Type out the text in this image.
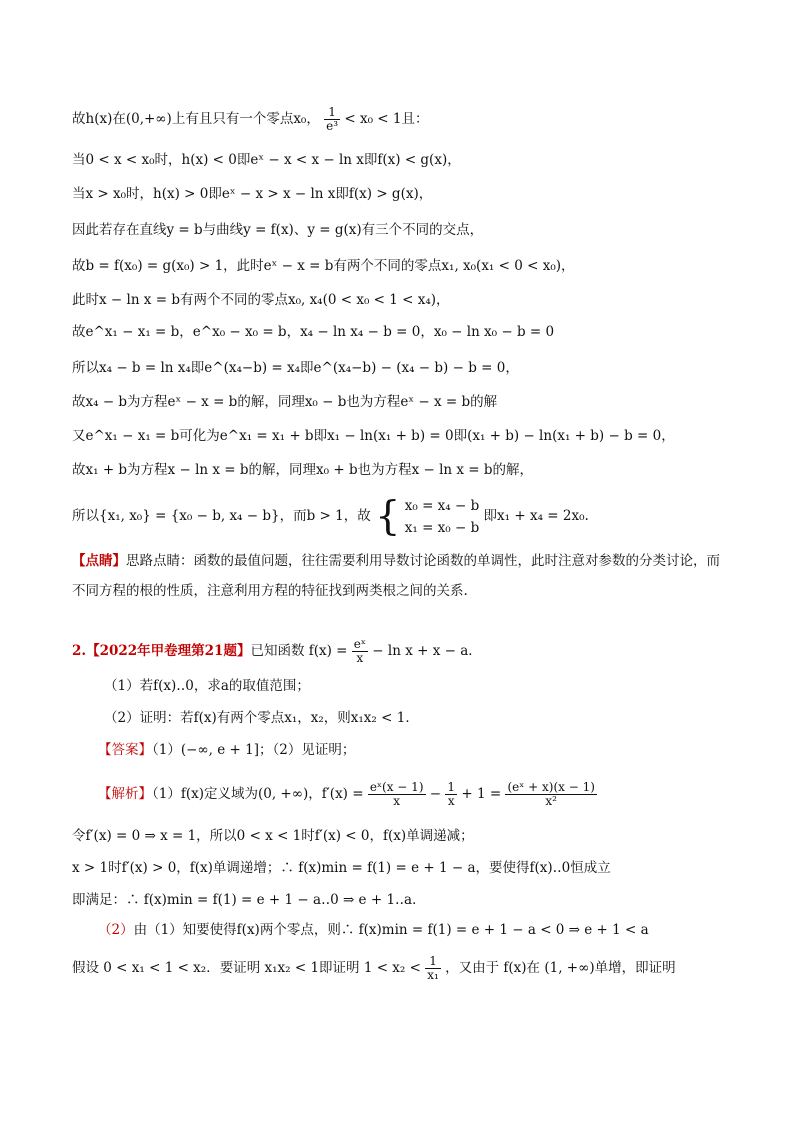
故h(x)在(0,+∞)上有且只有一个零点x₀， $\frac{1}{\text{e³}} < x_0 < 1$且：
当0 < x < x₀时，h(x) < 0即eˣ − x < x − ln x即f(x) < g(x)，
当x > x₀时，h(x) > 0即eˣ − x > x − ln x即f(x) > g(x)，
因此若存在直线y = b与曲线y = f(x)、y = g(x)有三个不同的交点，
故b = f(x₀) = g(x₀) > 1，此时eˣ − x = b有两个不同的零点x₁, x₀(x₁ < 0 < x₀)，
此时x − ln x = b有两个不同的零点x₀, x₄(0 < x₀ < 1 < x₄)，
故e^x₁ − x₁ = b，e^x₀ − x₀ = b，x₄ − ln x₄ − b = 0，x₀ − ln x₀ − b = 0
所以x₄ − b = ln x₄即e^(x₄−b) = x₄即e^(x₄−b) − (x₄ − b) − b = 0，
故x₄ − b为方程eˣ − x = b的解，同理x₀ − b也为方程eˣ − x = b的解
又e^x₁ − x₁ = b可化为e^x₁ = x₁ + b即x₁ − ln(x₁ + b) = 0即(x₁ + b) − ln(x₁ + b) − b = 0，
故x₁ + b为方程x − ln x = b的解，同理x₀ + b也为方程x − ln x = b的解，
所以{x₁, x₀} = {x₀ − b, x₄ − b}，而b > 1，故 { x₀ = x₄ − b
x₁ = x₀ − b
即x₁ + x₄ = 2x₀.
【点睛】思路点睛：函数的最值问题，往往需要利用导数讨论函数的单调性，此时注意对参数的分类讨论，而不同方程的根的性质，注意利用方程的特征找到两类根之间的关系.
2.【2022年甲卷理第21题】已知函数 $f(x) = \frac{\text{eˣ}}{x} - \ln x + x - a$．
（1）若f(x)‥0，求a的取值范围；
（2）证明：若f(x)有两个零点x₁，x₂，则x₁x₂ < 1．
【答案】（1）(−∞, e + 1]；（2）见证明；
【解析】（1）f(x)定义域为(0, +∞)，$f'(x) = \frac{\text{eˣ(x − 1)}}{x} - \frac{1}{x} + 1 = \frac{\text{(eˣ + x)(x − 1)}}{\text{x²}}$
令f′(x) = 0 ⇒ x = 1，所以0 < x < 1时f′(x) < 0，f(x)单调递减；
x > 1时f′(x) > 0，f(x)单调递增；∴ f(x)min = f(1) = e + 1 − a，要使得f(x)‥0恒成立
即满足：∴ f(x)min = f(1) = e + 1 − a‥0 ⇒ e + 1‥a．
（2）由（1）知要使得f(x)两个零点，则∴ f(x)min = f(1) = e + 1 − a < 0 ⇒ e + 1 < a
假设 0 < x₁ < 1 < x₂．要证明 x₁x₂ < 1即证明 $1 < x_2 < \frac{1}{\text{x₁}}$ ，又由于 f(x)在 (1, +∞)单增，即证明
